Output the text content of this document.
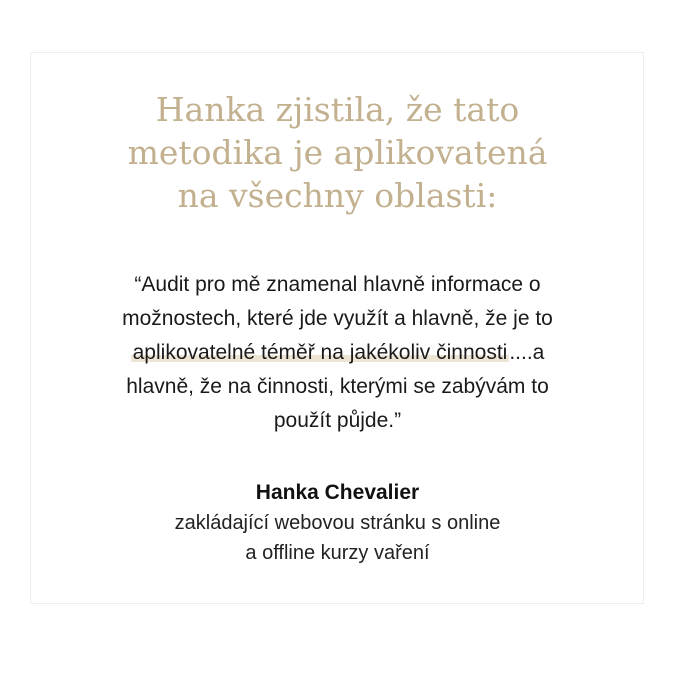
Hanka zjistila, že tato
metodika je aplikovatená
na všechny oblasti:
“Audit pro mě znamenal hlavně informace o
možnostech, které jde využít a hlavně, že je to
aplikovatelné téměř na jakékoliv činnosti....a
hlavně, že na činnosti, kterými se zabývám to
použít půjde.”
Hanka Chevalier
zakládající webovou stránku s online
a offline kurzy vaření
